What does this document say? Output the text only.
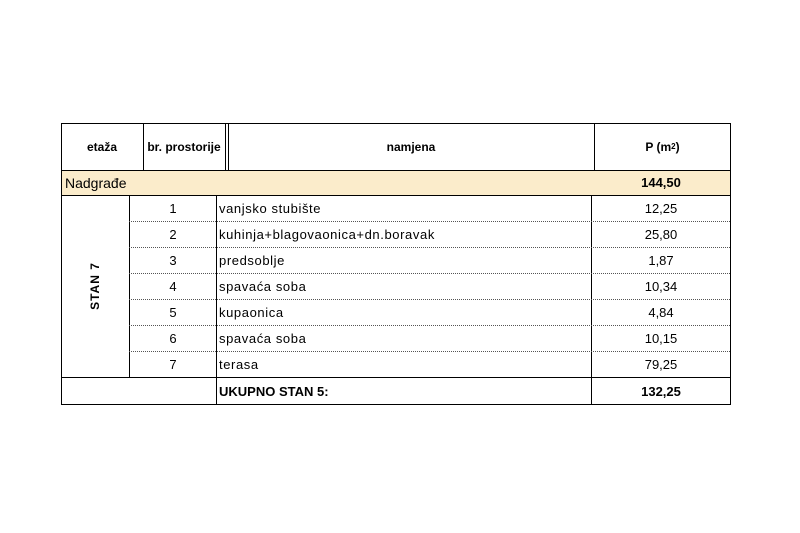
etaža	br. prostorije	namjena	P (m 2 )
Nadgrađe	144,50
STAN 7
1	vanjsko stubište	12,25
2	kuhinja+blagovaonica+dn.boravak	25,80
3	predsoblje	1,87
4	spavaća soba	10,34
5	kupaonica	4,84
6	spavaća soba	10,15
7	terasa	79,25
UKUPNO STAN 5:	132,25
